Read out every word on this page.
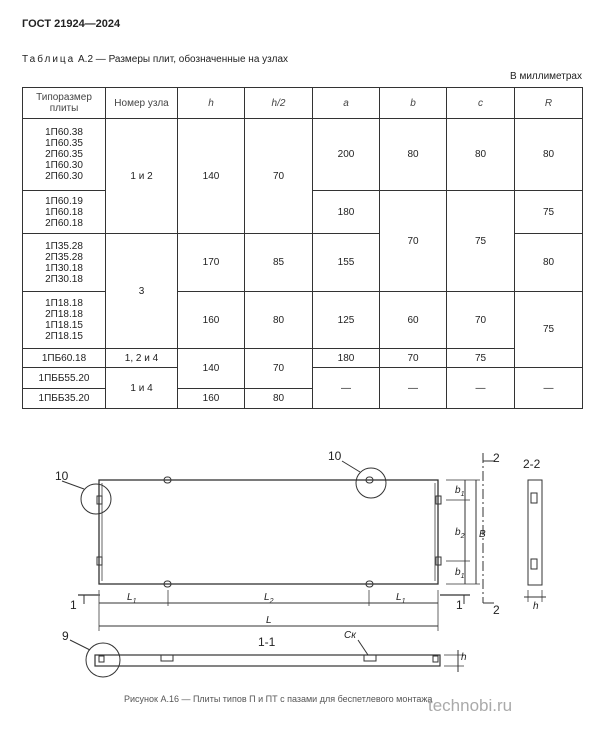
ГОСТ 21924—2024
Таблица А.2 — Размеры плит, обозначенные на узлах
В миллиметрах
Типоразмер плиты	Номер узла	h	h/2	a	b	c	R
1П60.38
1П60.35
2П60.35
1П60.30
2П60.30	1 и 2	140	70	200	80	80	80
1П60.19
1П60.18
2П60.18				180	70	75	75
1П35.28
2П35.28
1П30.18
2П30.18	3	170	85	155			80
1П18.18
2П18.18
1П18.15
2П18.15		160	80	125	60	70	75
1ПБ60.18	1, 2 и 4	140	70	180	70	75	
1ПББ55.20	1 и 4			—	—	—	—
1ПББ35.20		160	80				
10
10
9
2-2
1-1
2
2
1	1
$L_1$	$L_2$	$L_1$
L
B
$b_1$
$b_2$
$b_1$
h
h
Ск
Рисунок А.16 — Плиты типов П и ПТ с пазами для беспетлевого монтажа
technobi.ru
